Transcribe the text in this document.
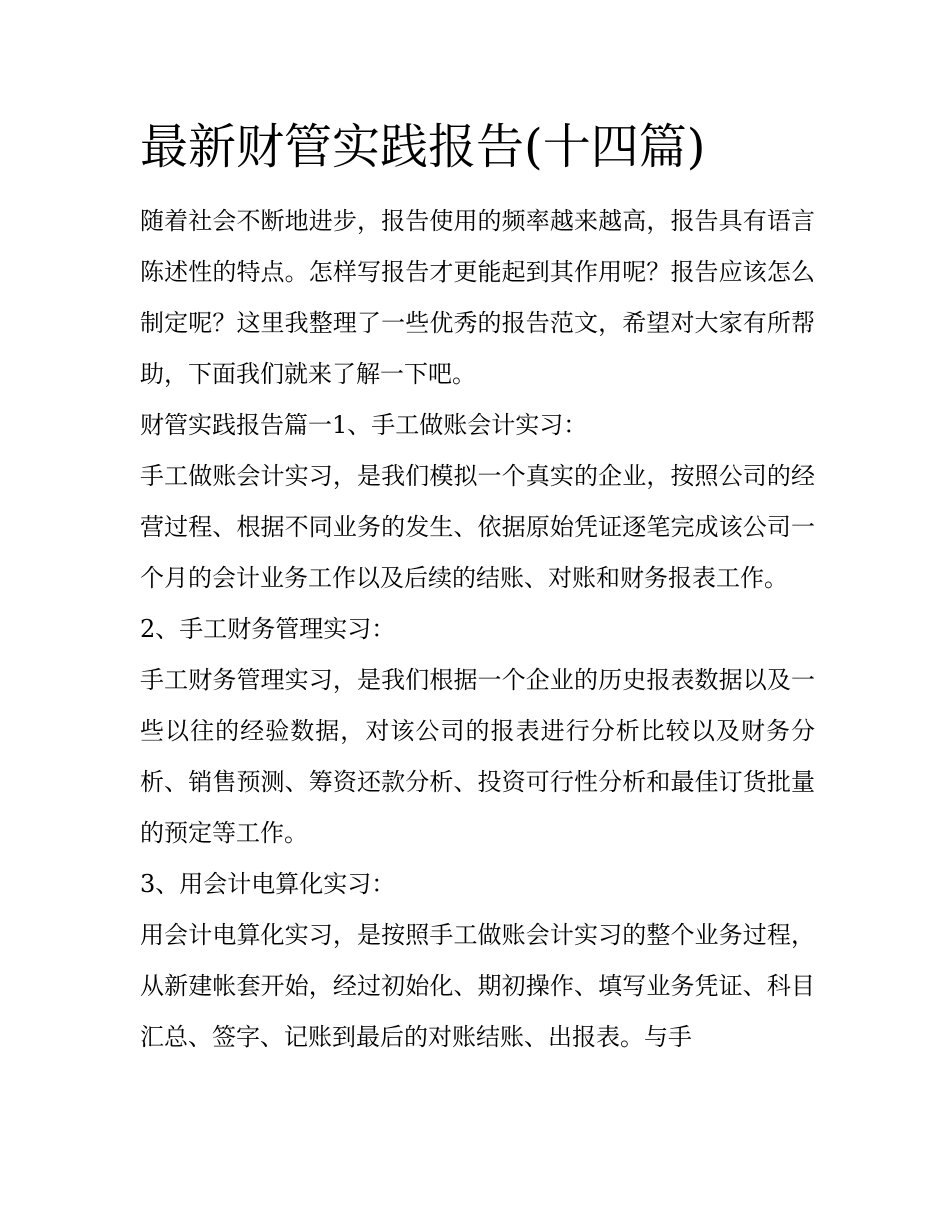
最新财管实践报告(十四篇)

随着社会不断地进步，报告使用的频率越来越高，报告具有语言陈述性的特点。怎样写报告才更能起到其作用呢？报告应该怎么制定呢？这里我整理了一些优秀的报告范文，希望对大家有所帮助，下面我们就来了解一下吧。

财管实践报告篇一1、手工做账会计实习：

手工做账会计实习，是我们模拟一个真实的企业，按照公司的经营过程、根据不同业务的发生、依据原始凭证逐笔完成该公司一个月的会计业务工作以及后续的结账、对账和财务报表工作。

2、手工财务管理实习：

手工财务管理实习，是我们根据一个企业的历史报表数据以及一些以往的经验数据，对该公司的报表进行分析比较以及财务分析、销售预测、筹资还款分析、投资可行性分析和最佳订货批量的预定等工作。

3、用会计电算化实习：

用会计电算化实习，是按照手工做账会计实习的整个业务过程，从新建帐套开始，经过初始化、期初操作、填写业务凭证、科目汇总、签字、记账到最后的对账结账、出报表。与手
